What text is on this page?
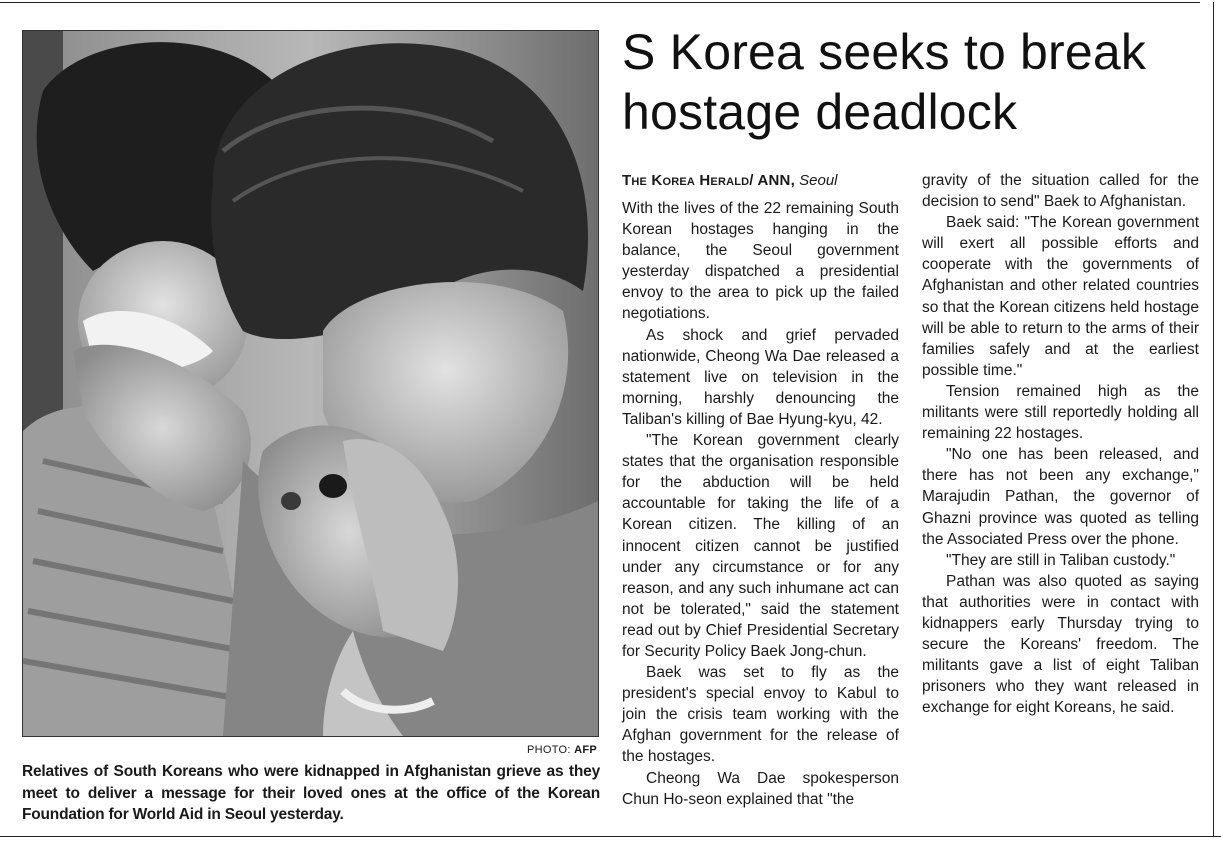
PHOTO: AFP
Relatives of South Koreans who were kidnapped in Afghanistan grieve as they meet to deliver a message for their loved ones at the office of the Korean Foundation for World Aid in Seoul yesterday.
S Korea seeks to break hostage deadlock
The Korea Herald/ ANN, Seoul

With the lives of the 22 remaining South Korean hostages hanging in the balance, the Seoul government yesterday dispatched a presidential envoy to the area to pick up the failed negotiations.

As shock and grief pervaded nationwide, Cheong Wa Dae released a statement live on television in the morning, harshly denouncing the Taliban's killing of Bae Hyung-kyu, 42.

"The Korean government clearly states that the organisation responsible for the abduction will be held accountable for taking the life of a Korean citizen. The killing of an innocent citizen cannot be justified under any circumstance or for any reason, and any such inhumane act can not be tolerated," said the statement read out by Chief Presidential Secretary for Security Policy Baek Jong-chun.

Baek was set to fly as the president's special envoy to Kabul to join the crisis team working with the Afghan government for the release of the hostages.

Cheong Wa Dae spokesperson Chun Ho-seon explained that "the

gravity of the situation called for the decision to send" Baek to Afghanistan.

Baek said: "The Korean government will exert all possible efforts and cooperate with the governments of Afghanistan and other related countries so that the Korean citizens held hostage will be able to return to the arms of their families safely and at the earliest possible time."

Tension remained high as the militants were still reportedly holding all remaining 22 hostages.

"No one has been released, and there has not been any exchange," Marajudin Pathan, the governor of Ghazni province was quoted as telling the Associated Press over the phone.

"They are still in Taliban custody."

Pathan was also quoted as saying that authorities were in contact with kidnappers early Thursday trying to secure the Koreans' freedom. The militants gave a list of eight Taliban prisoners who they want released in exchange for eight Koreans, he said.
